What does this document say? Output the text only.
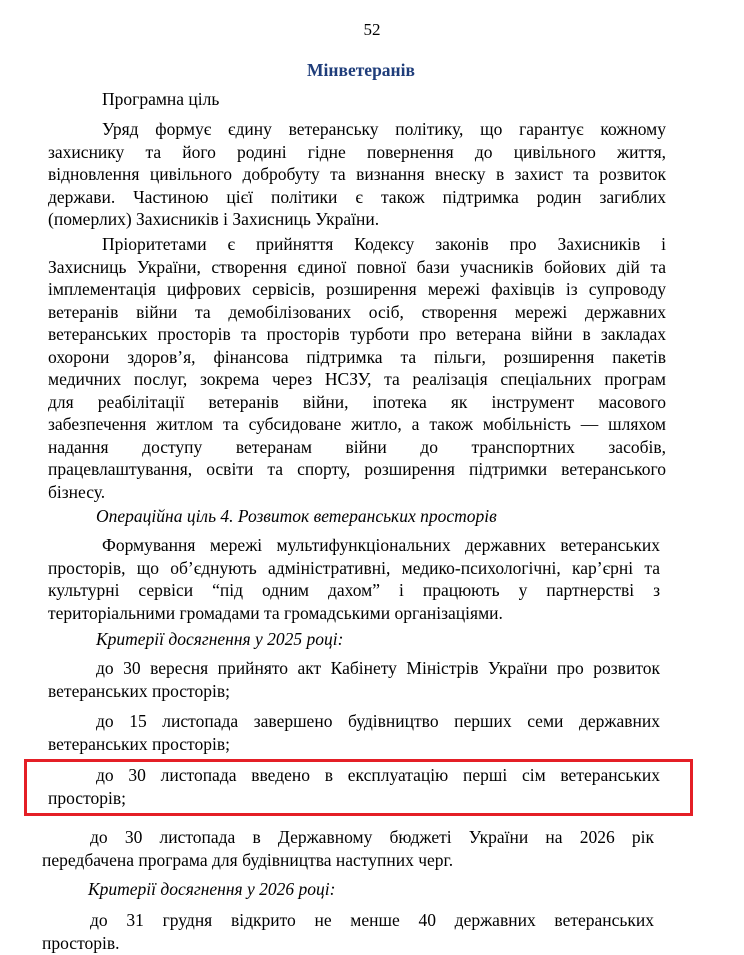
52
Мінветеранів
Програмна ціль

Уряд формує єдину ветеранську політику, що гарантує кожному

захиснику та його родині гідне повернення до цивільного життя,

відновлення цивільного добробуту та визнання внеску в захист та розвиток

держави. Частиною цієї політики є також підтримка родин загиблих

(померлих) Захисників і Захисниць України.

Пріоритетами є прийняття Кодексу законів про Захисників і

Захисниць України, створення єдиної повної бази учасників бойових дій та

імплементація цифрових сервісів, розширення мережі фахівців із супроводу

ветеранів війни та демобілізованих осіб, створення мережі державних

ветеранських просторів та просторів турботи про ветерана війни в закладах

охорони здоров’я, фінансова підтримка та пільги, розширення пакетів

медичних послуг, зокрема через НСЗУ, та реалізація спеціальних програм

для реабілітації ветеранів війни, іпотека як інструмент масового

забезпечення житлом та субсидоване житло, а також мобільність — шляхом

надання доступу ветеранам війни до транспортних засобів,

працевлаштування, освіти та спорту, розширення підтримки ветеранського

бізнесу.

Операційна ціль 4. Розвиток ветеранських просторів

Формування мережі мультифункціональних державних ветеранських

просторів, що об’єднують адміністративні, медико-психологічні, кар’єрні та

культурні сервіси “під одним дахом” і працюють у партнерстві з

територіальними громадами та громадськими організаціями.

Критерії досягнення у 2025 році:

до 30 вересня прийнято акт Кабінету Міністрів України про розвиток

ветеранських просторів;

до 15 листопада завершено будівництво перших семи державних

ветеранських просторів;

до 30 листопада введено в експлуатацію перші сім ветеранських

просторів;

до 30 листопада в Державному бюджеті України на 2026 рік

передбачена програма для будівництва наступних черг.

Критерії досягнення у 2026 році:

до 31 грудня відкрито не менше 40 державних ветеранських

просторів.
